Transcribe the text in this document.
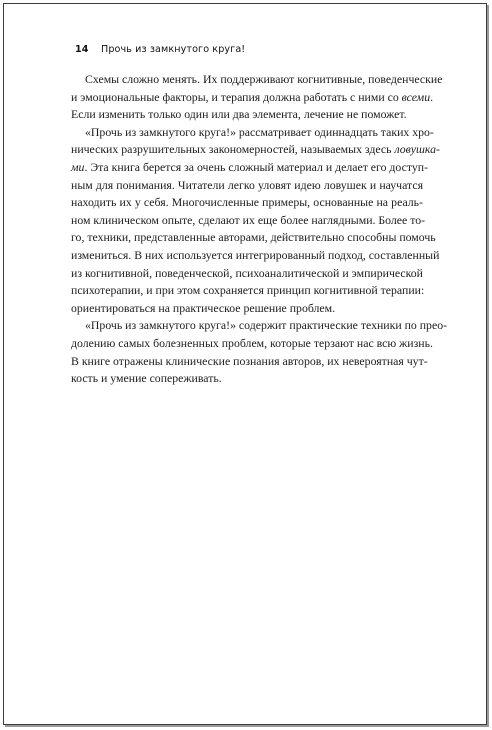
14 Прочь из замкнутого круга!
Схемы сложно менять. Их поддерживают когнитивные, поведенческие
и эмоциональные факторы, и терапия должна работать с ними со всеми.
Если изменить только один или два элемента, лечение не поможет.
«Прочь из замкнутого круга!» рассматривает одиннадцать таких хро-
нических разрушительных закономерностей, называемых здесь ловушка-
ми. Эта книга берется за очень сложный материал и делает его доступ-
ным для понимания. Читатели легко уловят идею ловушек и научатся
находить их у себя. Многочисленные примеры, основанные на реаль-
ном клиническом опыте, сделают их еще более наглядными. Более то-
го, техники, представленные авторами, действительно способны помочь
измениться. В них используется интегрированный подход, составленный
из когнитивной, поведенческой, психоаналитической и эмпирической
психотерапии, и при этом сохраняется принцип когнитивной терапии:
ориентироваться на практическое решение проблем.
«Прочь из замкнутого круга!» содержит практические техники по прео-
долению самых болезненных проблем, которые терзают нас всю жизнь.
В книге отражены клинические познания авторов, их невероятная чут-
кость и умение сопереживать.
